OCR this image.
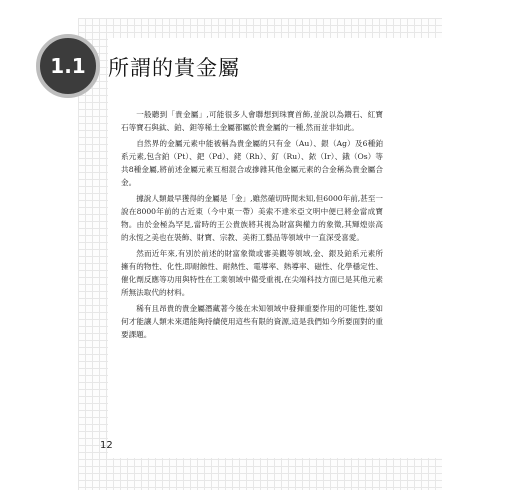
1.1	所謂的貴金屬

一般聽到「貴金屬」,可能很多人會聯想到珠寶首飾,並說以為鑽石、紅寶石等寶石與鈦、鉑、鉭等稀土金屬都屬於貴金屬的一種,然而並非如此。

自然界的金屬元素中能被稱為貴金屬的只有金（Au）、銀（Ag）及6種鉑系元素,包含鉑（Pt）、鈀（Pd）、銠（Rh）、釕（Ru）、銥（Ir）、鋨（Os）等共8種金屬,將前述金屬元素互相混合或摻雜其他金屬元素的合金稱為貴金屬合金。

據說人類最早獲得的金屬是「金」,雖然確切時間未知,但6000年前,甚至一說在8000年前的古近東（今中東一帶）美索不達米亞文明中便已將金當成寶物。由於金極為罕見,當時的王公貴族將其視為財富與權力的象徵,其輝煌崇高的永恆之美也在裝飾、財寶、宗教、美術工藝品等領域中一直深受喜愛。

然而近年來,有別於前述的財富象徵或審美觀等領域,金、銀及鉑系元素所擁有的物性、化性,即耐蝕性、耐熱性、電導率、熱導率、磁性、化學穩定性、催化劑反應等功用與特性在工業領域中備受重視,在尖端科技方面已是其他元素所無法取代的材料。

稀有且昂貴的貴金屬潛藏著今後在未知領域中發揮重要作用的可能性,要如何才能讓人類未來還能夠持續使用這些有限的資源,這是我們如今所要面對的重要課題。

12
